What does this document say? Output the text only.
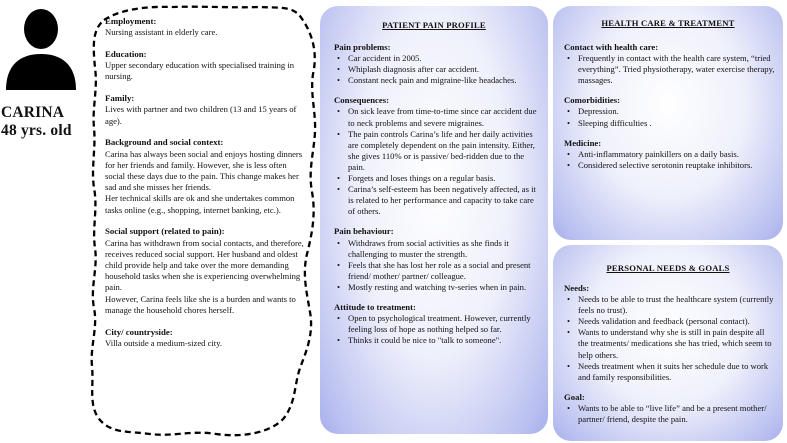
CARINA
48 yrs. old
Employment:

Nursing assistant in elderly care.

Education:

Upper secondary education with specialised training in nursing.

Family:

Lives with partner and two children (13 and 15 years of age).

Background and social context:

Carina has always been social and enjoys hosting dinners for her friends and family. However, she is less often social these days due to the pain. This change makes her sad and she misses her friends.

Her technical skills are ok and she undertakes common tasks online (e.g., shopping, internet banking, etc.).

Social support (related to pain):

Carina has withdrawn from social contacts, and therefore, receives reduced social support. Her husband and oldest child provide help and take over the more demanding household tasks when she is experiencing overwhelming pain.

However, Carina feels like she is a burden and wants to manage the household chores herself.

City/ countryside:

Villa outside a medium-sized city.

PATIENT PAIN PROFILE
Pain problems:
• Car accident in 2005.
• Whiplash diagnosis after car accident.
• Constant neck pain and migraine-like headaches.
Consequences:
• On sick leave from time-to-time since car accident due to neck problems and severe migraines.
• The pain controls Carina’s life and her daily activities are completely dependent on the pain intensity. Either, she gives 110% or is passive/ bed-ridden due to the pain.
• Forgets and loses things on a regular basis.
• Carina’s self-esteem has been negatively affected, as it is related to her performance and capacity to take care of others.
Pain behaviour:
• Withdraws from social activities as she finds it challenging to muster the strength.
• Feels that she has lost her role as a social and present friend/ mother/ partner/ colleague.
• Mostly resting and watching tv-series when in pain.
Attitude to treatment:
• Open to psychological treatment. However, currently feeling loss of hope as nothing helped so far.
• Thinks it could be nice to "talk to someone".
HEALTH CARE & TREATMENT
Contact with health care:
• Frequently in contact with the health care system, “tried everything”. Tried physiotherapy, water exercise therapy, massages.
Comorbidities:
• Depression.
• Sleeping difficulties .
Medicine:
• Anti-inflammatory painkillers on a daily basis.
• Considered selective serotonin reuptake inhibitors.
PERSONAL NEEDS & GOALS
Needs:
• Needs to be able to trust the healthcare system (currently feels no trust).
• Needs validation and feedback (personal contact).
• Wants to understand why she is still in pain despite all the treatments/ medications she has tried, which seem to help others.
• Needs treatment when it suits her schedule due to work and family responsibilities.
Goal:
• Wants to be able to “live life” and be a present mother/ partner/ friend, despite the pain.
